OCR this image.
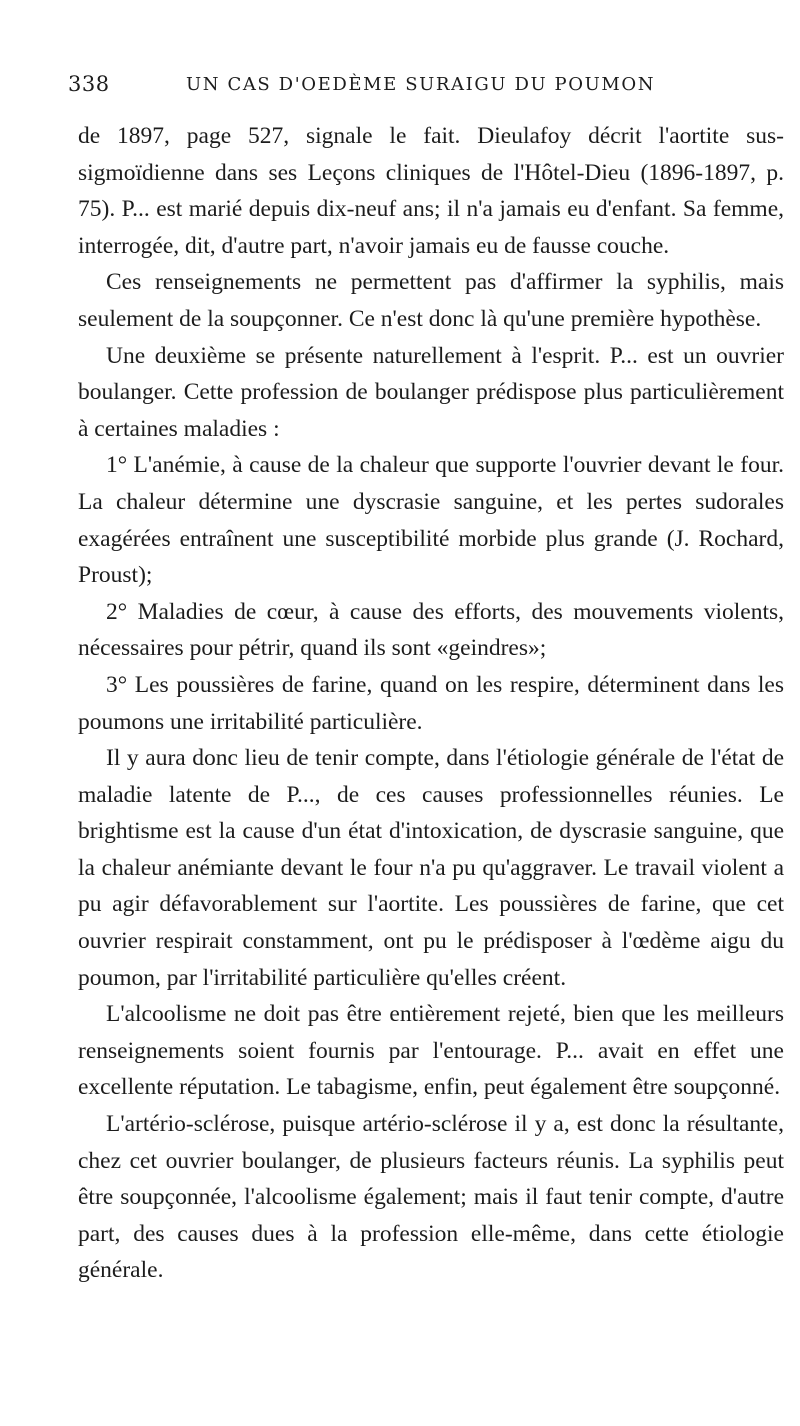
338	UN CAS D'OEDÈME SURAIGU DU POUMON

de 1897, page 527, signale le fait. Dieulafoy décrit l'aortite sus-sigmoïdienne dans ses Leçons cliniques de l'Hôtel-Dieu (1896-1897, p. 75). P... est marié depuis dix-neuf ans; il n'a jamais eu d'enfant. Sa femme, interrogée, dit, d'autre part, n'avoir jamais eu de fausse couche.

Ces renseignements ne permettent pas d'affirmer la syphilis, mais seulement de la soupçonner. Ce n'est donc là qu'une première hypothèse.

Une deuxième se présente naturellement à l'esprit. P... est un ouvrier boulanger. Cette profession de boulanger prédispose plus particulièrement à certaines maladies :

1° L'anémie, à cause de la chaleur que supporte l'ouvrier devant le four. La chaleur détermine une dyscrasie sanguine, et les pertes sudorales exagérées entraînent une susceptibilité morbide plus grande (J. Rochard, Proust);

2° Maladies de cœur, à cause des efforts, des mouvements violents, nécessaires pour pétrir, quand ils sont «geindres»;

3° Les poussières de farine, quand on les respire, déterminent dans les poumons une irritabilité particulière.

Il y aura donc lieu de tenir compte, dans l'étiologie générale de l'état de maladie latente de P..., de ces causes professionnelles réunies. Le brightisme est la cause d'un état d'intoxication, de dyscrasie sanguine, que la chaleur anémiante devant le four n'a pu qu'aggraver. Le travail violent a pu agir défavorablement sur l'aortite. Les poussières de farine, que cet ouvrier respirait constamment, ont pu le prédisposer à l'œdème aigu du poumon, par l'irritabilité particulière qu'elles créent.

L'alcoolisme ne doit pas être entièrement rejeté, bien que les meilleurs renseignements soient fournis par l'entourage. P... avait en effet une excellente réputation. Le tabagisme, enfin, peut également être soupçonné.

L'artério-sclérose, puisque artério-sclérose il y a, est donc la résultante, chez cet ouvrier boulanger, de plusieurs facteurs réunis. La syphilis peut être soupçonnée, l'alcoolisme également; mais il faut tenir compte, d'autre part, des causes dues à la profession elle-même, dans cette étiologie générale.
